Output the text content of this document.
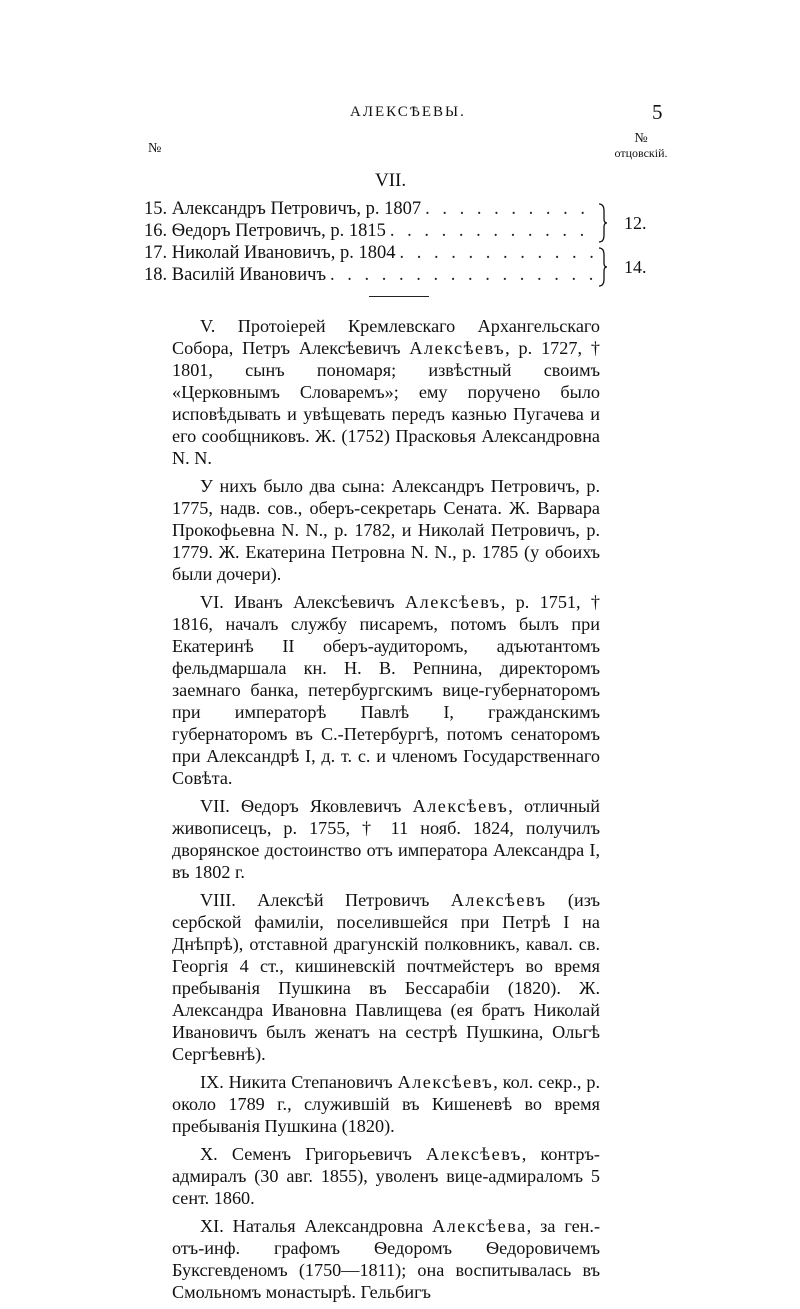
АЛЕКСѢЕВЫ.	5
№
№
отцовскій.
VII.
15. Александръ Петровичъ, р. 1807
. . .
16. Ѳедоръ Петровичъ, р. 1815
. . .
17. Николай Ивановичъ, р. 1804
. . .
18. Василій Ивановичъ
. . .
12.
14.

V. Протоіерей Кремлевскаго Архангельскаго Собора, Петръ Алексѣевичъ Алексѣевъ, р. 1727, † 1801, сынъ пономаря; извѣстный своимъ «Церковнымъ Словаремъ»; ему поручено было исповѣдывать и увѣщевать передъ казнью Пугачева и его сообщниковъ. Ж. (1752) Прасковья Александровна N. N.

У нихъ было два сына: Александръ Петровичъ, р. 1775, надв. сов., оберъ-секретарь Сената. Ж. Варвара Прокофьевна N. N., р. 1782, и Николай Петровичъ, р. 1779. Ж. Екатерина Петровна N. N., р. 1785 (у обоихъ были дочери).

VI. Иванъ Алексѣевичъ Алексѣевъ, р. 1751, † 1816, началъ службу писаремъ, потомъ былъ при Екатеринѣ II оберъ-аудиторомъ, адъютантомъ фельдмаршала кн. Н. В. Репнина, директоромъ заемнаго банка, петербургскимъ вице-губернаторомъ при императорѣ Павлѣ I, гражданскимъ губернаторомъ въ С.-Петербургѣ, потомъ сенаторомъ при Александрѣ I, д. т. с. и членомъ Государственнаго Совѣта.

VII. Ѳедоръ Яковлевичъ Алексѣевъ, отличный живописецъ, р. 1755, † 11 нояб. 1824, получилъ дворянское достоинство отъ императора Александра I, въ 1802 г.

VIII. Алексѣй Петровичъ Алексѣевъ (изъ сербской фамиліи, поселившейся при Петрѣ I на Днѣпрѣ), отставной драгунскій полковникъ, кавал. св. Георгія 4 ст., кишиневскій почтмейстеръ во время пребыванія Пушкина въ Бессарабіи (1820). Ж. Александра Ивановна Павлищева (ея братъ Николай Ивановичъ былъ женатъ на сестрѣ Пушкина, Ольгѣ Сергѣевнѣ).

IX. Никита Степановичъ Алексѣевъ, кол. секр., р. около 1789 г., служившій въ Кишеневѣ во время пребыванія Пушкина (1820).

X. Семенъ Григорьевичъ Алексѣевъ, контръ-адмиралъ (30 авг. 1855), уволенъ вице-адмираломъ 5 сент. 1860.

XI. Наталья Александровна Алексѣева, за ген.-отъ-инф. графомъ Ѳедоромъ Ѳедоровичемъ Буксгевденомъ (1750—1811); она воспитывалась въ Смольномъ монастырѣ. Гельбигъ
